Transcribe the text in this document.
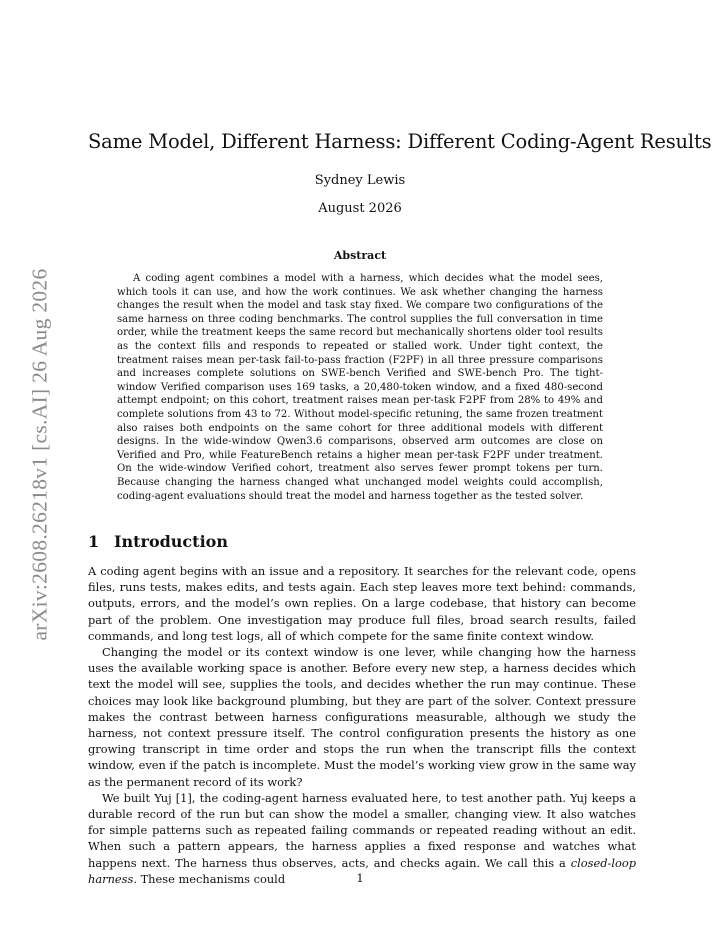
arXiv:2608.26218v1 [cs.AI] 26 Aug 2026
Same Model, Different Harness: Different Coding-Agent Results
Sydney Lewis
August 2026
Abstract

A coding agent combines a model with a harness, which decides what the model sees, which tools it can use, and how the work continues. We ask whether changing the harness changes the result when the model and task stay fixed. We compare two configurations of the same harness on three coding benchmarks. The control supplies the full conversation in time order, while the treatment keeps the same record but mechanically shortens older tool results as the context fills and responds to repeated or stalled work. Under tight context, the treatment raises mean per-task fail-to-pass fraction (F2PF) in all three pressure comparisons and increases complete solutions on SWE-bench Verified and SWE-bench Pro. The tight-window Verified comparison uses 169 tasks, a 20,480-token window, and a fixed 480-second attempt endpoint; on this cohort, treatment raises mean per-task F2PF from 28% to 49% and complete solutions from 43 to 72. Without model-specific retuning, the same frozen treatment also raises both endpoints on the same cohort for three additional models with different designs. In the wide-window Qwen3.6 comparisons, observed arm outcomes are close on Verified and Pro, while FeatureBench retains a higher mean per-task F2PF under treatment. On the wide-window Verified cohort, treatment also serves fewer prompt tokens per turn. Because changing the harness changed what unchanged model weights could accomplish, coding-agent evaluations should treat the model and harness together as the tested solver.

1 Introduction

A coding agent begins with an issue and a repository. It searches for the relevant code, opens files, runs tests, makes edits, and tests again. Each step leaves more text behind: commands, outputs, errors, and the model’s own replies. On a large codebase, that history can become part of the problem. One investigation may produce full files, broad search results, failed commands, and long test logs, all of which compete for the same finite context window.

Changing the model or its context window is one lever, while changing how the harness uses the available working space is another. Before every new step, a harness decides which text the model will see, supplies the tools, and decides whether the run may continue. These choices may look like background plumbing, but they are part of the solver. Context pressure makes the contrast between harness configurations measurable, although we study the harness, not context pressure itself. The control configuration presents the history as one growing transcript in time order and stops the run when the transcript fills the context window, even if the patch is incomplete. Must the model’s working view grow in the same way as the permanent record of its work?

We built Yuj [1], the coding-agent harness evaluated here, to test another path. Yuj keeps a durable record of the run but can show the model a smaller, changing view. It also watches for simple patterns such as repeated failing commands or repeated reading without an edit. When such a pattern appears, the harness applies a fixed response and watches what happens next. The harness thus observes, acts, and checks again. We call this a closed-loop harness. These mechanisms could	1
